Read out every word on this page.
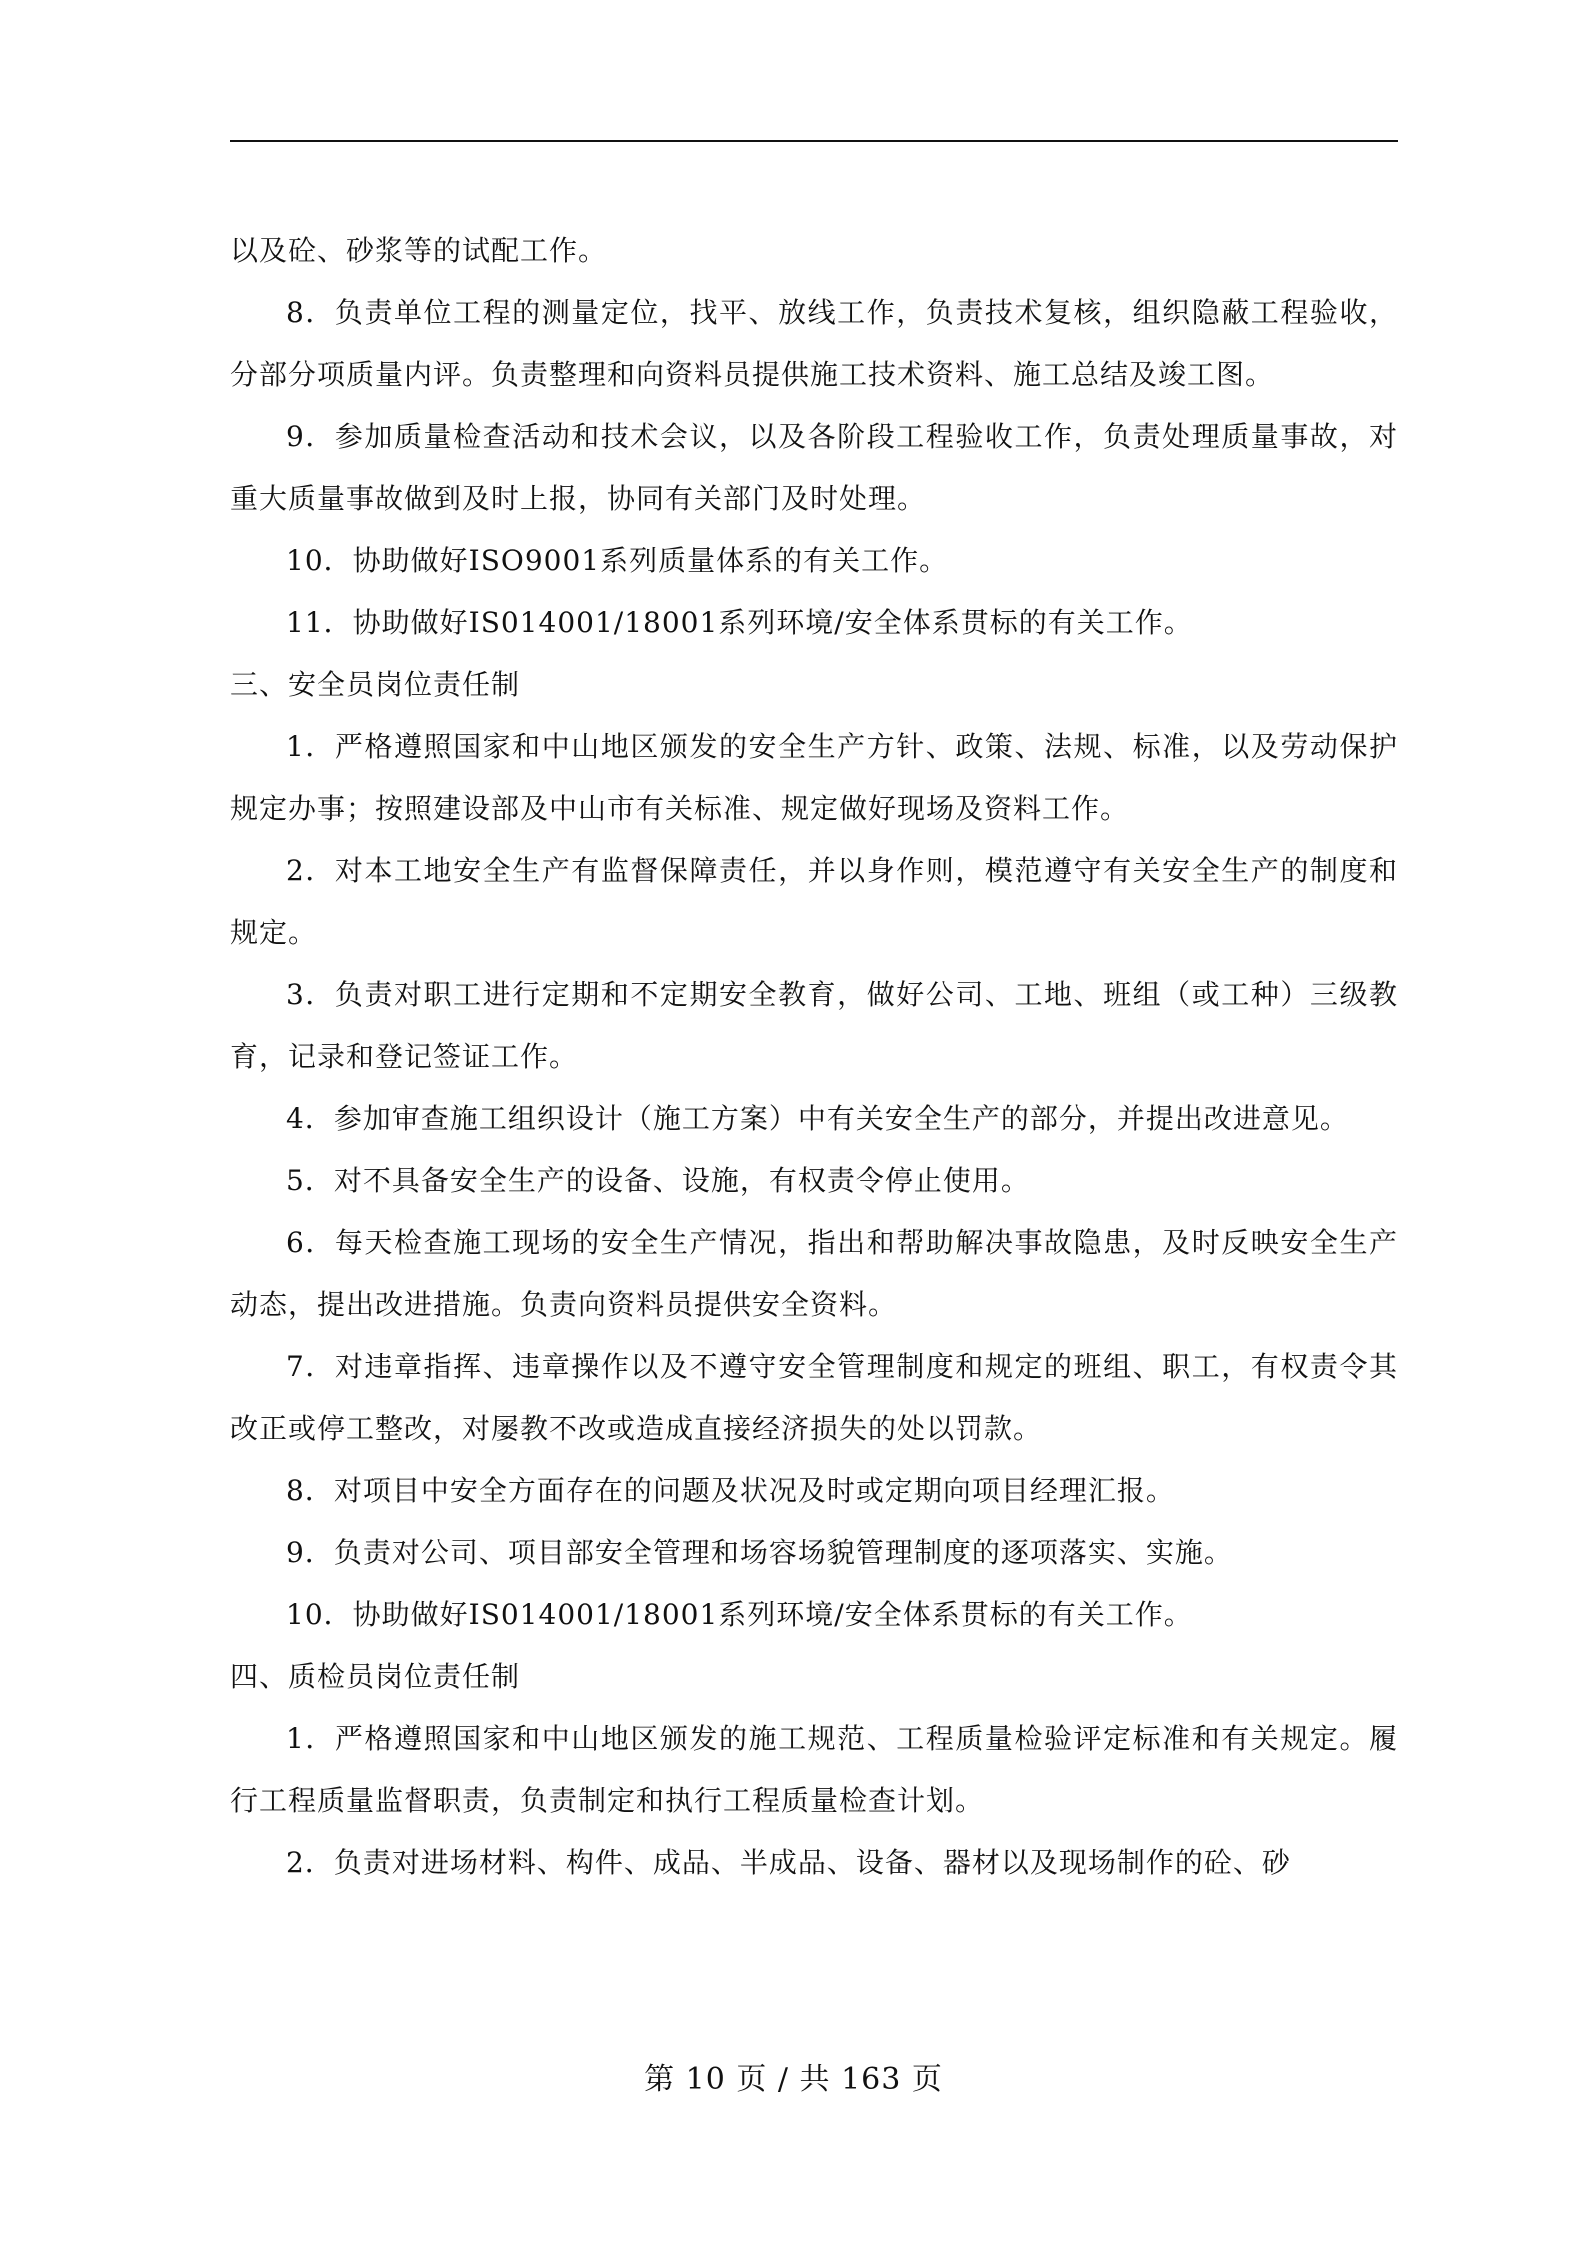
以及砼、砂浆等的试配工作。

8．负责单位工程的测量定位，找平、放线工作，负责技术复核，组织隐蔽工程验收，分部分项质量内评。负责整理和向资料员提供施工技术资料、施工总结及竣工图。

9．参加质量检查活动和技术会议，以及各阶段工程验收工作，负责处理质量事故，对重大质量事故做到及时上报，协同有关部门及时处理。

10．协助做好ISO9001系列质量体系的有关工作。

11．协助做好IS014001/18001系列环境/安全体系贯标的有关工作。

三、安全员岗位责任制

1．严格遵照国家和中山地区颁发的安全生产方针、政策、法规、标准，以及劳动保护规定办事；按照建设部及中山市有关标准、规定做好现场及资料工作。

2．对本工地安全生产有监督保障责任，并以身作则，模范遵守有关安全生产的制度和规定。

3．负责对职工进行定期和不定期安全教育，做好公司、工地、班组（或工种）三级教育，记录和登记签证工作。

4．参加审查施工组织设计（施工方案）中有关安全生产的部分，并提出改进意见。

5．对不具备安全生产的设备、设施，有权责令停止使用。

6．每天检查施工现场的安全生产情况，指出和帮助解决事故隐患，及时反映安全生产动态，提出改进措施。负责向资料员提供安全资料。

7．对违章指挥、违章操作以及不遵守安全管理制度和规定的班组、职工，有权责令其改正或停工整改，对屡教不改或造成直接经济损失的处以罚款。

8．对项目中安全方面存在的问题及状况及时或定期向项目经理汇报。

9．负责对公司、项目部安全管理和场容场貌管理制度的逐项落实、实施。

10．协助做好IS014001/18001系列环境/安全体系贯标的有关工作。

四、质检员岗位责任制

1．严格遵照国家和中山地区颁发的施工规范、工程质量检验评定标准和有关规定。履行工程质量监督职责，负责制定和执行工程质量检查计划。

2．负责对进场材料、构件、成品、半成品、设备、器材以及现场制作的砼、砂

第 10 页 / 共 163 页
